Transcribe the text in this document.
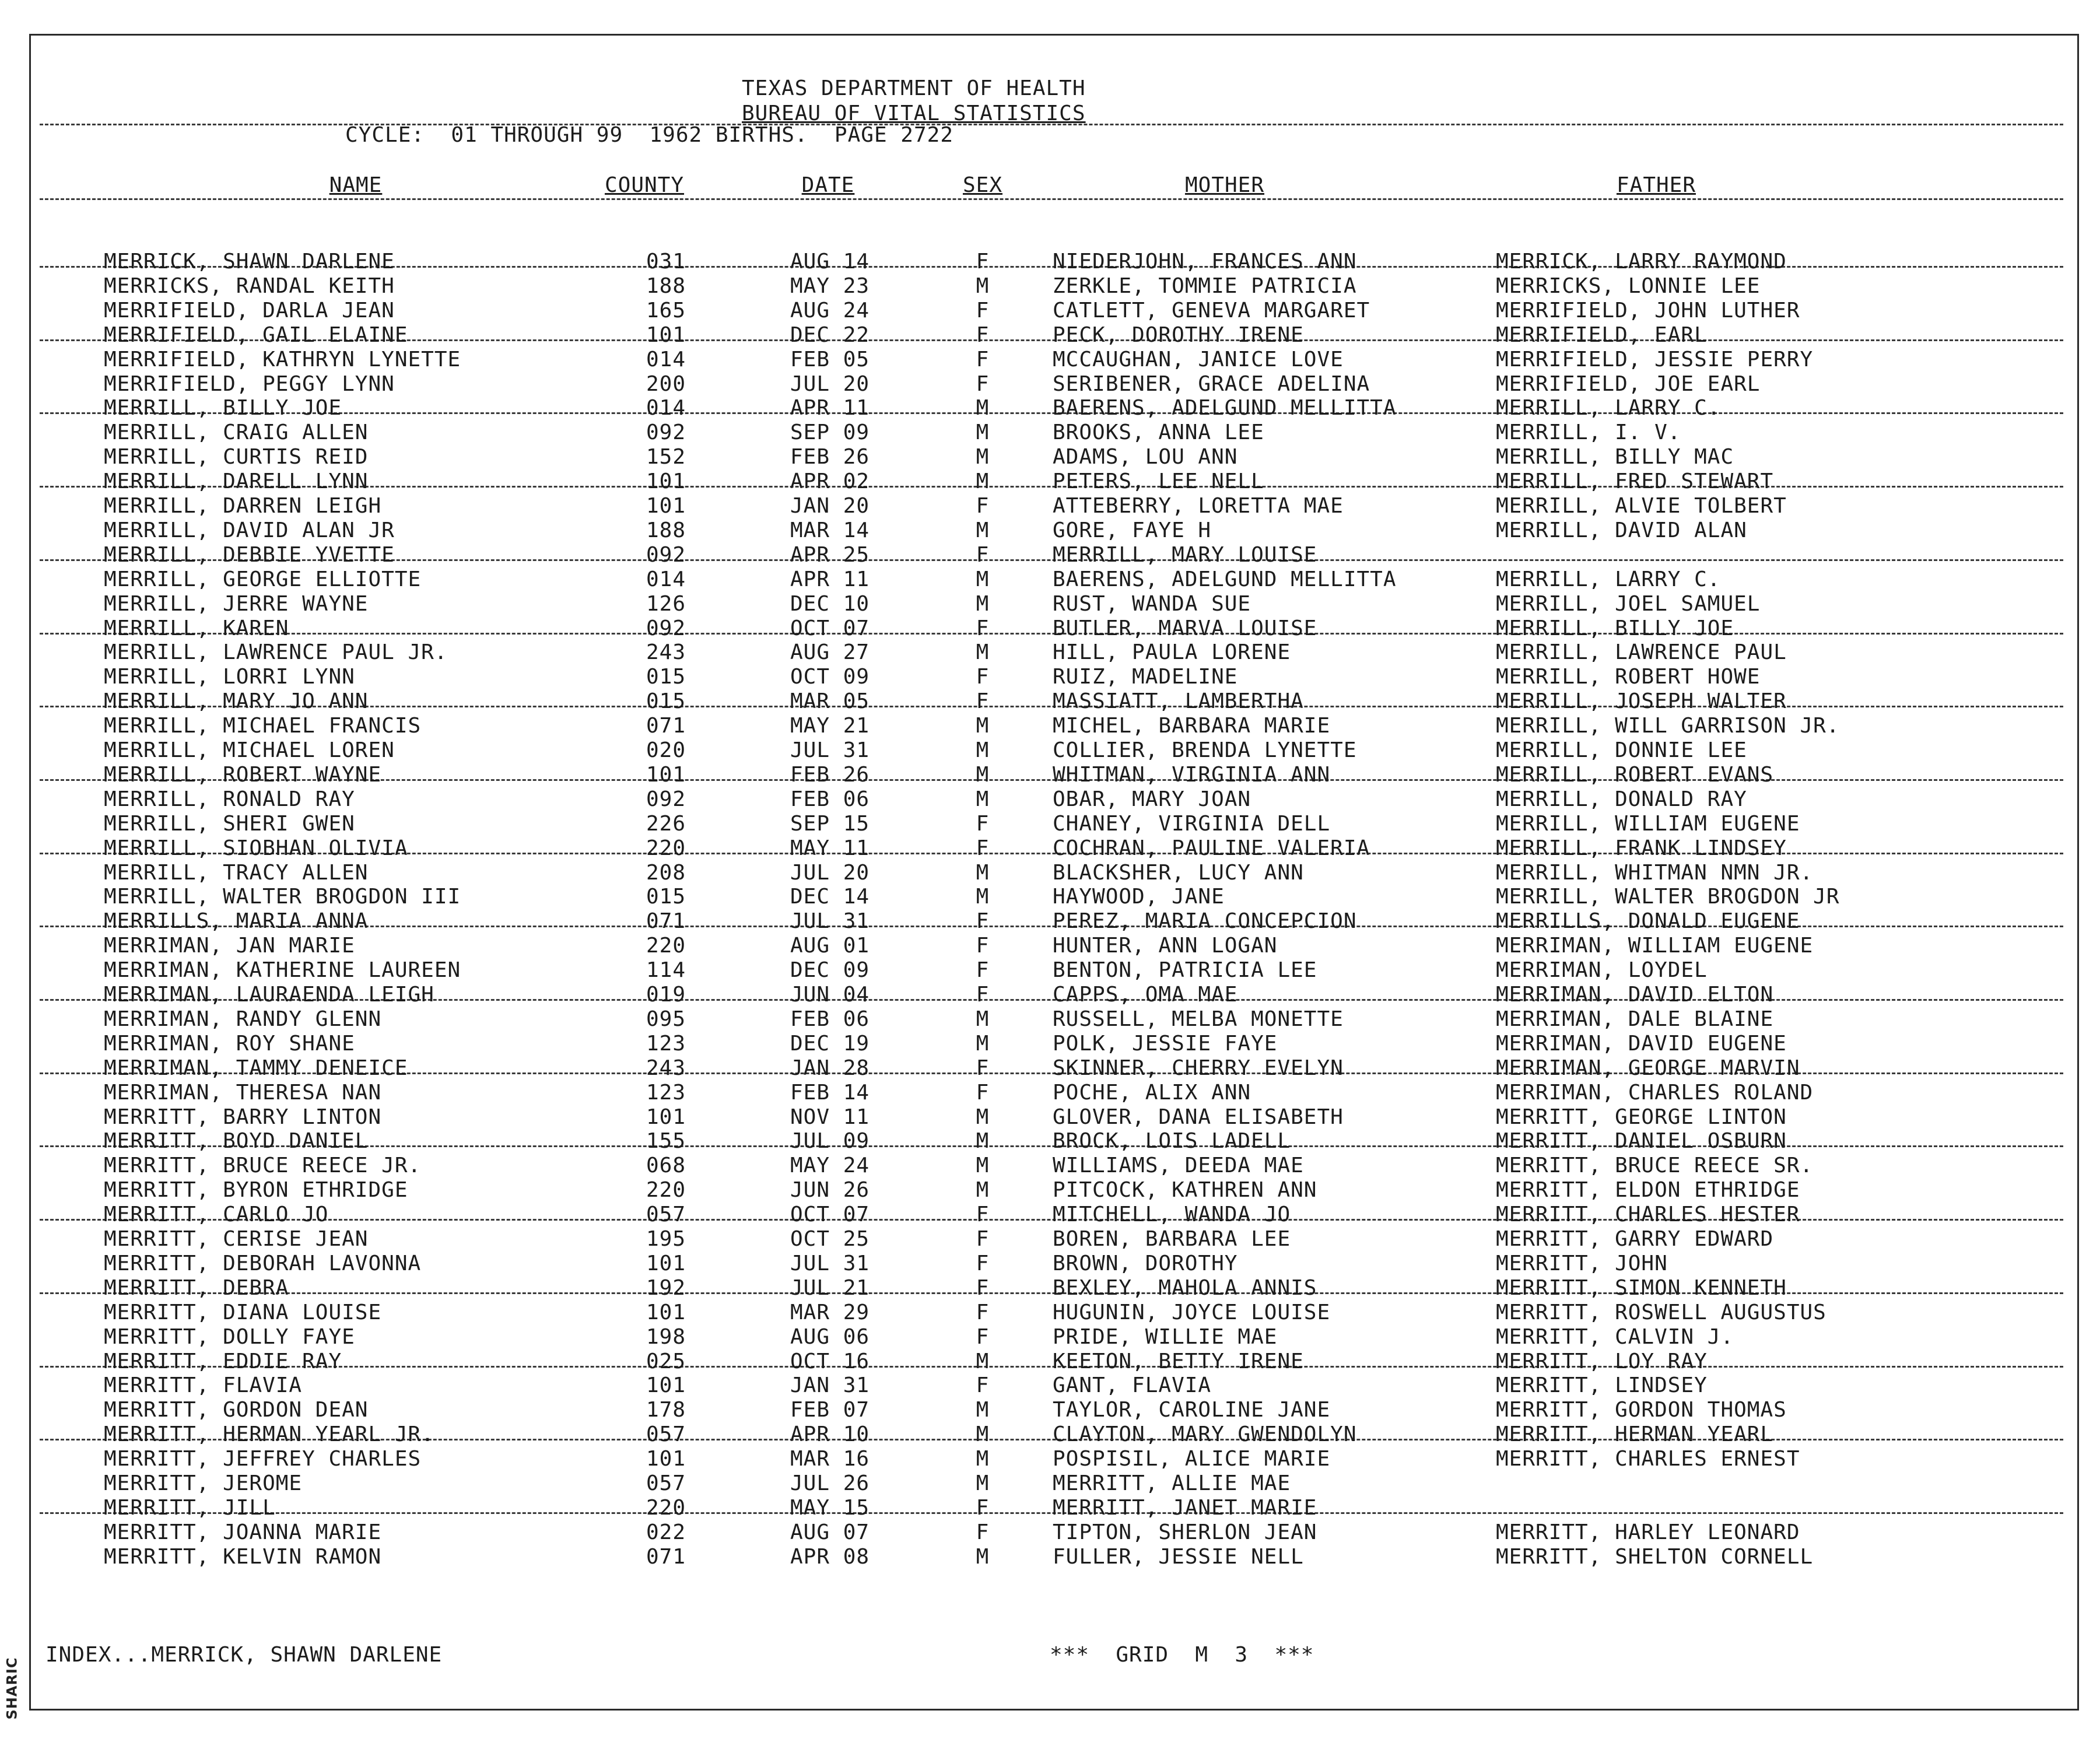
SHARIC
TEXAS DEPARTMENT OF HEALTH
BUREAU OF VITAL STATISTICS
CYCLE:  01 THROUGH 99  1962 BIRTHS.  PAGE 2722
NAME	COUNTY	DATE	SEX	MOTHER	FATHER
MERRICK, SHAWN DARLENE	031	AUG 14	F	NIEDERJOHN, FRANCES ANN	MERRICK, LARRY RAYMOND
MERRICKS, RANDAL KEITH	188	MAY 23	M	ZERKLE, TOMMIE PATRICIA	MERRICKS, LONNIE LEE
MERRIFIELD, DARLA JEAN	165	AUG 24	F	CATLETT, GENEVA MARGARET	MERRIFIELD, JOHN LUTHER
MERRIFIELD, GAIL ELAINE	101	DEC 22	F	PECK, DOROTHY IRENE	MERRIFIELD, EARL
MERRIFIELD, KATHRYN LYNETTE	014	FEB 05	F	MCCAUGHAN, JANICE LOVE	MERRIFIELD, JESSIE PERRY
MERRIFIELD, PEGGY LYNN	200	JUL 20	F	SERIBENER, GRACE ADELINA	MERRIFIELD, JOE EARL
MERRILL, BILLY JOE	014	APR 11	M	BAERENS, ADELGUND MELLITTA	MERRILL, LARRY C.
MERRILL, CRAIG ALLEN	092	SEP 09	M	BROOKS, ANNA LEE	MERRILL, I. V.
MERRILL, CURTIS REID	152	FEB 26	M	ADAMS, LOU ANN	MERRILL, BILLY MAC
MERRILL, DARELL LYNN	101	APR 02	M	PETERS, LEE NELL	MERRILL, FRED STEWART
MERRILL, DARREN LEIGH	101	JAN 20	F	ATTEBERRY, LORETTA MAE	MERRILL, ALVIE TOLBERT
MERRILL, DAVID ALAN JR	188	MAR 14	M	GORE, FAYE H	MERRILL, DAVID ALAN
MERRILL, DEBBIE YVETTE	092	APR 25	F	MERRILL, MARY LOUISE
MERRILL, GEORGE ELLIOTTE	014	APR 11	M	BAERENS, ADELGUND MELLITTA	MERRILL, LARRY C.
MERRILL, JERRE WAYNE	126	DEC 10	M	RUST, WANDA SUE	MERRILL, JOEL SAMUEL
MERRILL, KAREN	092	OCT 07	F	BUTLER, MARVA LOUISE	MERRILL, BILLY JOE
MERRILL, LAWRENCE PAUL JR.	243	AUG 27	M	HILL, PAULA LORENE	MERRILL, LAWRENCE PAUL
MERRILL, LORRI LYNN	015	OCT 09	F	RUIZ, MADELINE	MERRILL, ROBERT HOWE
MERRILL, MARY JO ANN	015	MAR 05	F	MASSIATT, LAMBERTHA	MERRILL, JOSEPH WALTER
MERRILL, MICHAEL FRANCIS	071	MAY 21	M	MICHEL, BARBARA MARIE	MERRILL, WILL GARRISON JR.
MERRILL, MICHAEL LOREN	020	JUL 31	M	COLLIER, BRENDA LYNETTE	MERRILL, DONNIE LEE
MERRILL, ROBERT WAYNE	101	FEB 26	M	WHITMAN, VIRGINIA ANN	MERRILL, ROBERT EVANS
MERRILL, RONALD RAY	092	FEB 06	M	OBAR, MARY JOAN	MERRILL, DONALD RAY
MERRILL, SHERI GWEN	226	SEP 15	F	CHANEY, VIRGINIA DELL	MERRILL, WILLIAM EUGENE
MERRILL, SIOBHAN OLIVIA	220	MAY 11	F	COCHRAN, PAULINE VALERIA	MERRILL, FRANK LINDSEY
MERRILL, TRACY ALLEN	208	JUL 20	M	BLACKSHER, LUCY ANN	MERRILL, WHITMAN NMN JR.
MERRILL, WALTER BROGDON III	015	DEC 14	M	HAYWOOD, JANE	MERRILL, WALTER BROGDON JR
MERRILLS, MARIA ANNA	071	JUL 31	F	PEREZ, MARIA CONCEPCION	MERRILLS, DONALD EUGENE
MERRIMAN, JAN MARIE	220	AUG 01	F	HUNTER, ANN LOGAN	MERRIMAN, WILLIAM EUGENE
MERRIMAN, KATHERINE LAUREEN	114	DEC 09	F	BENTON, PATRICIA LEE	MERRIMAN, LOYDEL
MERRIMAN, LAURAENDA LEIGH	019	JUN 04	F	CAPPS, OMA MAE	MERRIMAN, DAVID ELTON
MERRIMAN, RANDY GLENN	095	FEB 06	M	RUSSELL, MELBA MONETTE	MERRIMAN, DALE BLAINE
MERRIMAN, ROY SHANE	123	DEC 19	M	POLK, JESSIE FAYE	MERRIMAN, DAVID EUGENE
MERRIMAN, TAMMY DENEICE	243	JAN 28	F	SKINNER, CHERRY EVELYN	MERRIMAN, GEORGE MARVIN
MERRIMAN, THERESA NAN	123	FEB 14	F	POCHE, ALIX ANN	MERRIMAN, CHARLES ROLAND
MERRITT, BARRY LINTON	101	NOV 11	M	GLOVER, DANA ELISABETH	MERRITT, GEORGE LINTON
MERRITT, BOYD DANIEL	155	JUL 09	M	BROCK, LOIS LADELL	MERRITT, DANIEL OSBURN
MERRITT, BRUCE REECE JR.	068	MAY 24	M	WILLIAMS, DEEDA MAE	MERRITT, BRUCE REECE SR.
MERRITT, BYRON ETHRIDGE	220	JUN 26	M	PITCOCK, KATHREN ANN	MERRITT, ELDON ETHRIDGE
MERRITT, CARLO JO	057	OCT 07	F	MITCHELL, WANDA JO	MERRITT, CHARLES HESTER
MERRITT, CERISE JEAN	195	OCT 25	F	BOREN, BARBARA LEE	MERRITT, GARRY EDWARD
MERRITT, DEBORAH LAVONNA	101	JUL 31	F	BROWN, DOROTHY	MERRITT, JOHN
MERRITT, DEBRA	192	JUL 21	F	BEXLEY, MAHOLA ANNIS	MERRITT, SIMON KENNETH
MERRITT, DIANA LOUISE	101	MAR 29	F	HUGUNIN, JOYCE LOUISE	MERRITT, ROSWELL AUGUSTUS
MERRITT, DOLLY FAYE	198	AUG 06	F	PRIDE, WILLIE MAE	MERRITT, CALVIN J.
MERRITT, EDDIE RAY	025	OCT 16	M	KEETON, BETTY IRENE	MERRITT, LOY RAY
MERRITT, FLAVIA	101	JAN 31	F	GANT, FLAVIA	MERRITT, LINDSEY
MERRITT, GORDON DEAN	178	FEB 07	M	TAYLOR, CAROLINE JANE	MERRITT, GORDON THOMAS
MERRITT, HERMAN YEARL JR.	057	APR 10	M	CLAYTON, MARY GWENDOLYN	MERRITT, HERMAN YEARL
MERRITT, JEFFREY CHARLES	101	MAR 16	M	POSPISIL, ALICE MARIE	MERRITT, CHARLES ERNEST
MERRITT, JEROME	057	JUL 26	M	MERRITT, ALLIE MAE
MERRITT, JILL	220	MAY 15	F	MERRITT, JANET MARIE
MERRITT, JOANNA MARIE	022	AUG 07	F	TIPTON, SHERLON JEAN	MERRITT, HARLEY LEONARD
MERRITT, KELVIN RAMON	071	APR 08	M	FULLER, JESSIE NELL	MERRITT, SHELTON CORNELL
INDEX...MERRICK, SHAWN DARLENE	***  GRID  M  3  ***
